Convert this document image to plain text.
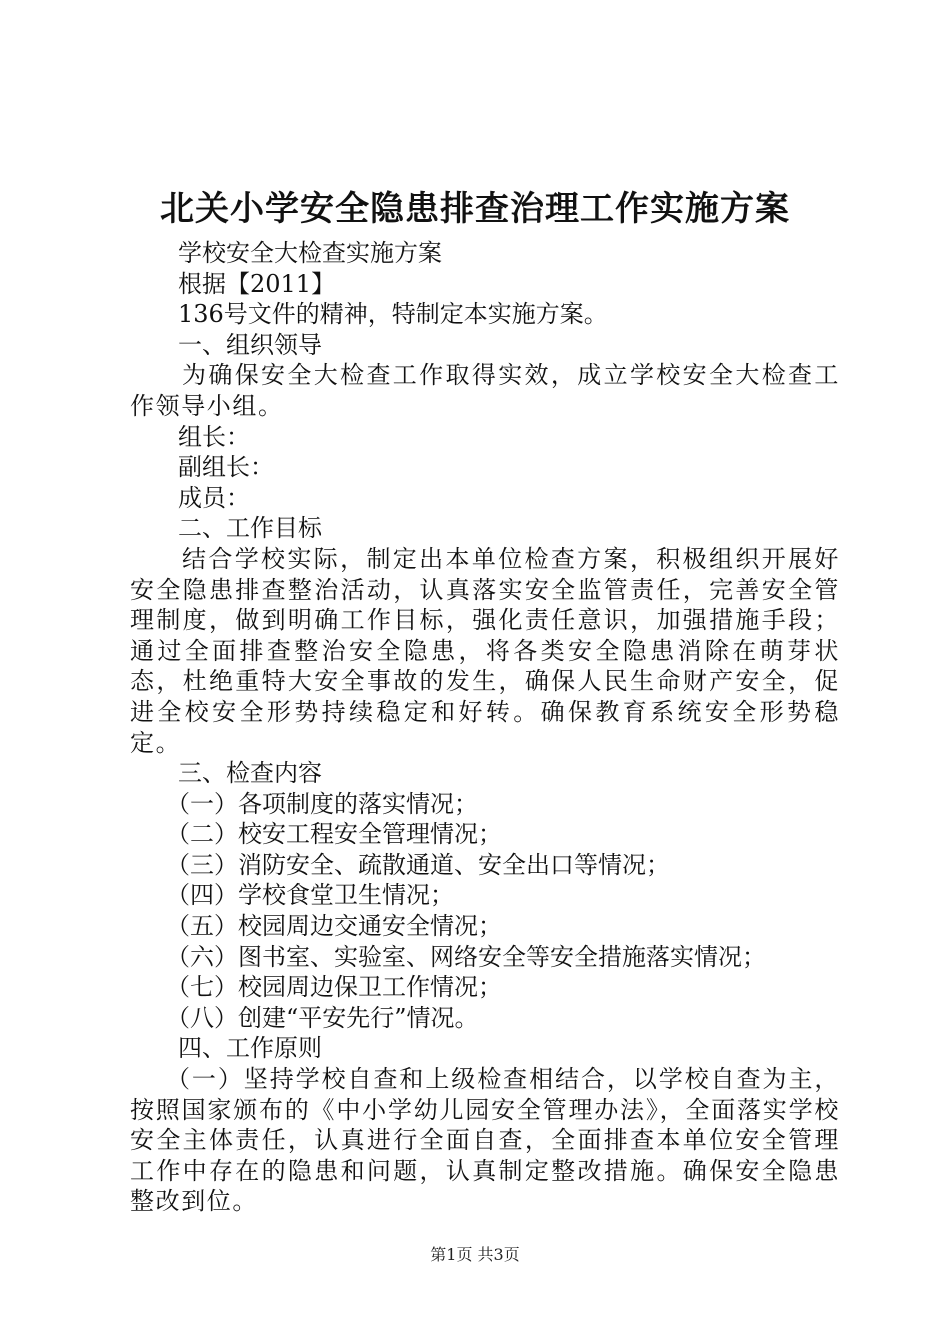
北关小学安全隐患排查治理工作实施方案

学校安全大检查实施方案

根据【2011】

136号文件的精神，特制定本实施方案。

一、组织领导

为确保安全大检查工作取得实效，成立学校安全大检查工作领导小组。

组长：

副组长：

成员：

二、工作目标

结合学校实际，制定出本单位检查方案，积极组织开展好安全隐患排查整治活动，认真落实安全监管责任，完善安全管理制度，做到明确工作目标，强化责任意识，加强措施手段；通过全面排查整治安全隐患，将各类安全隐患消除在萌芽状态，杜绝重特大安全事故的发生，确保人民生命财产安全，促进全校安全形势持续稳定和好转。确保教育系统安全形势稳定。

三、检查内容

（一）各项制度的落实情况；

（二）校安工程安全管理情况；

（三）消防安全、疏散通道、安全出口等情况；

（四）学校食堂卫生情况；

（五）校园周边交通安全情况；

（六）图书室、实验室、网络安全等安全措施落实情况；

（七）校园周边保卫工作情况；

（八）创建“平安先行”情况。

四、工作原则

（一）坚持学校自查和上级检查相结合，以学校自查为主，按照国家颁布的《中小学幼儿园安全管理办法》，全面落实学校安全主体责任，认真进行全面自查，全面排查本单位安全管理工作中存在的隐患和问题，认真制定整改措施。确保安全隐患整改到位。

第1页 共3页
